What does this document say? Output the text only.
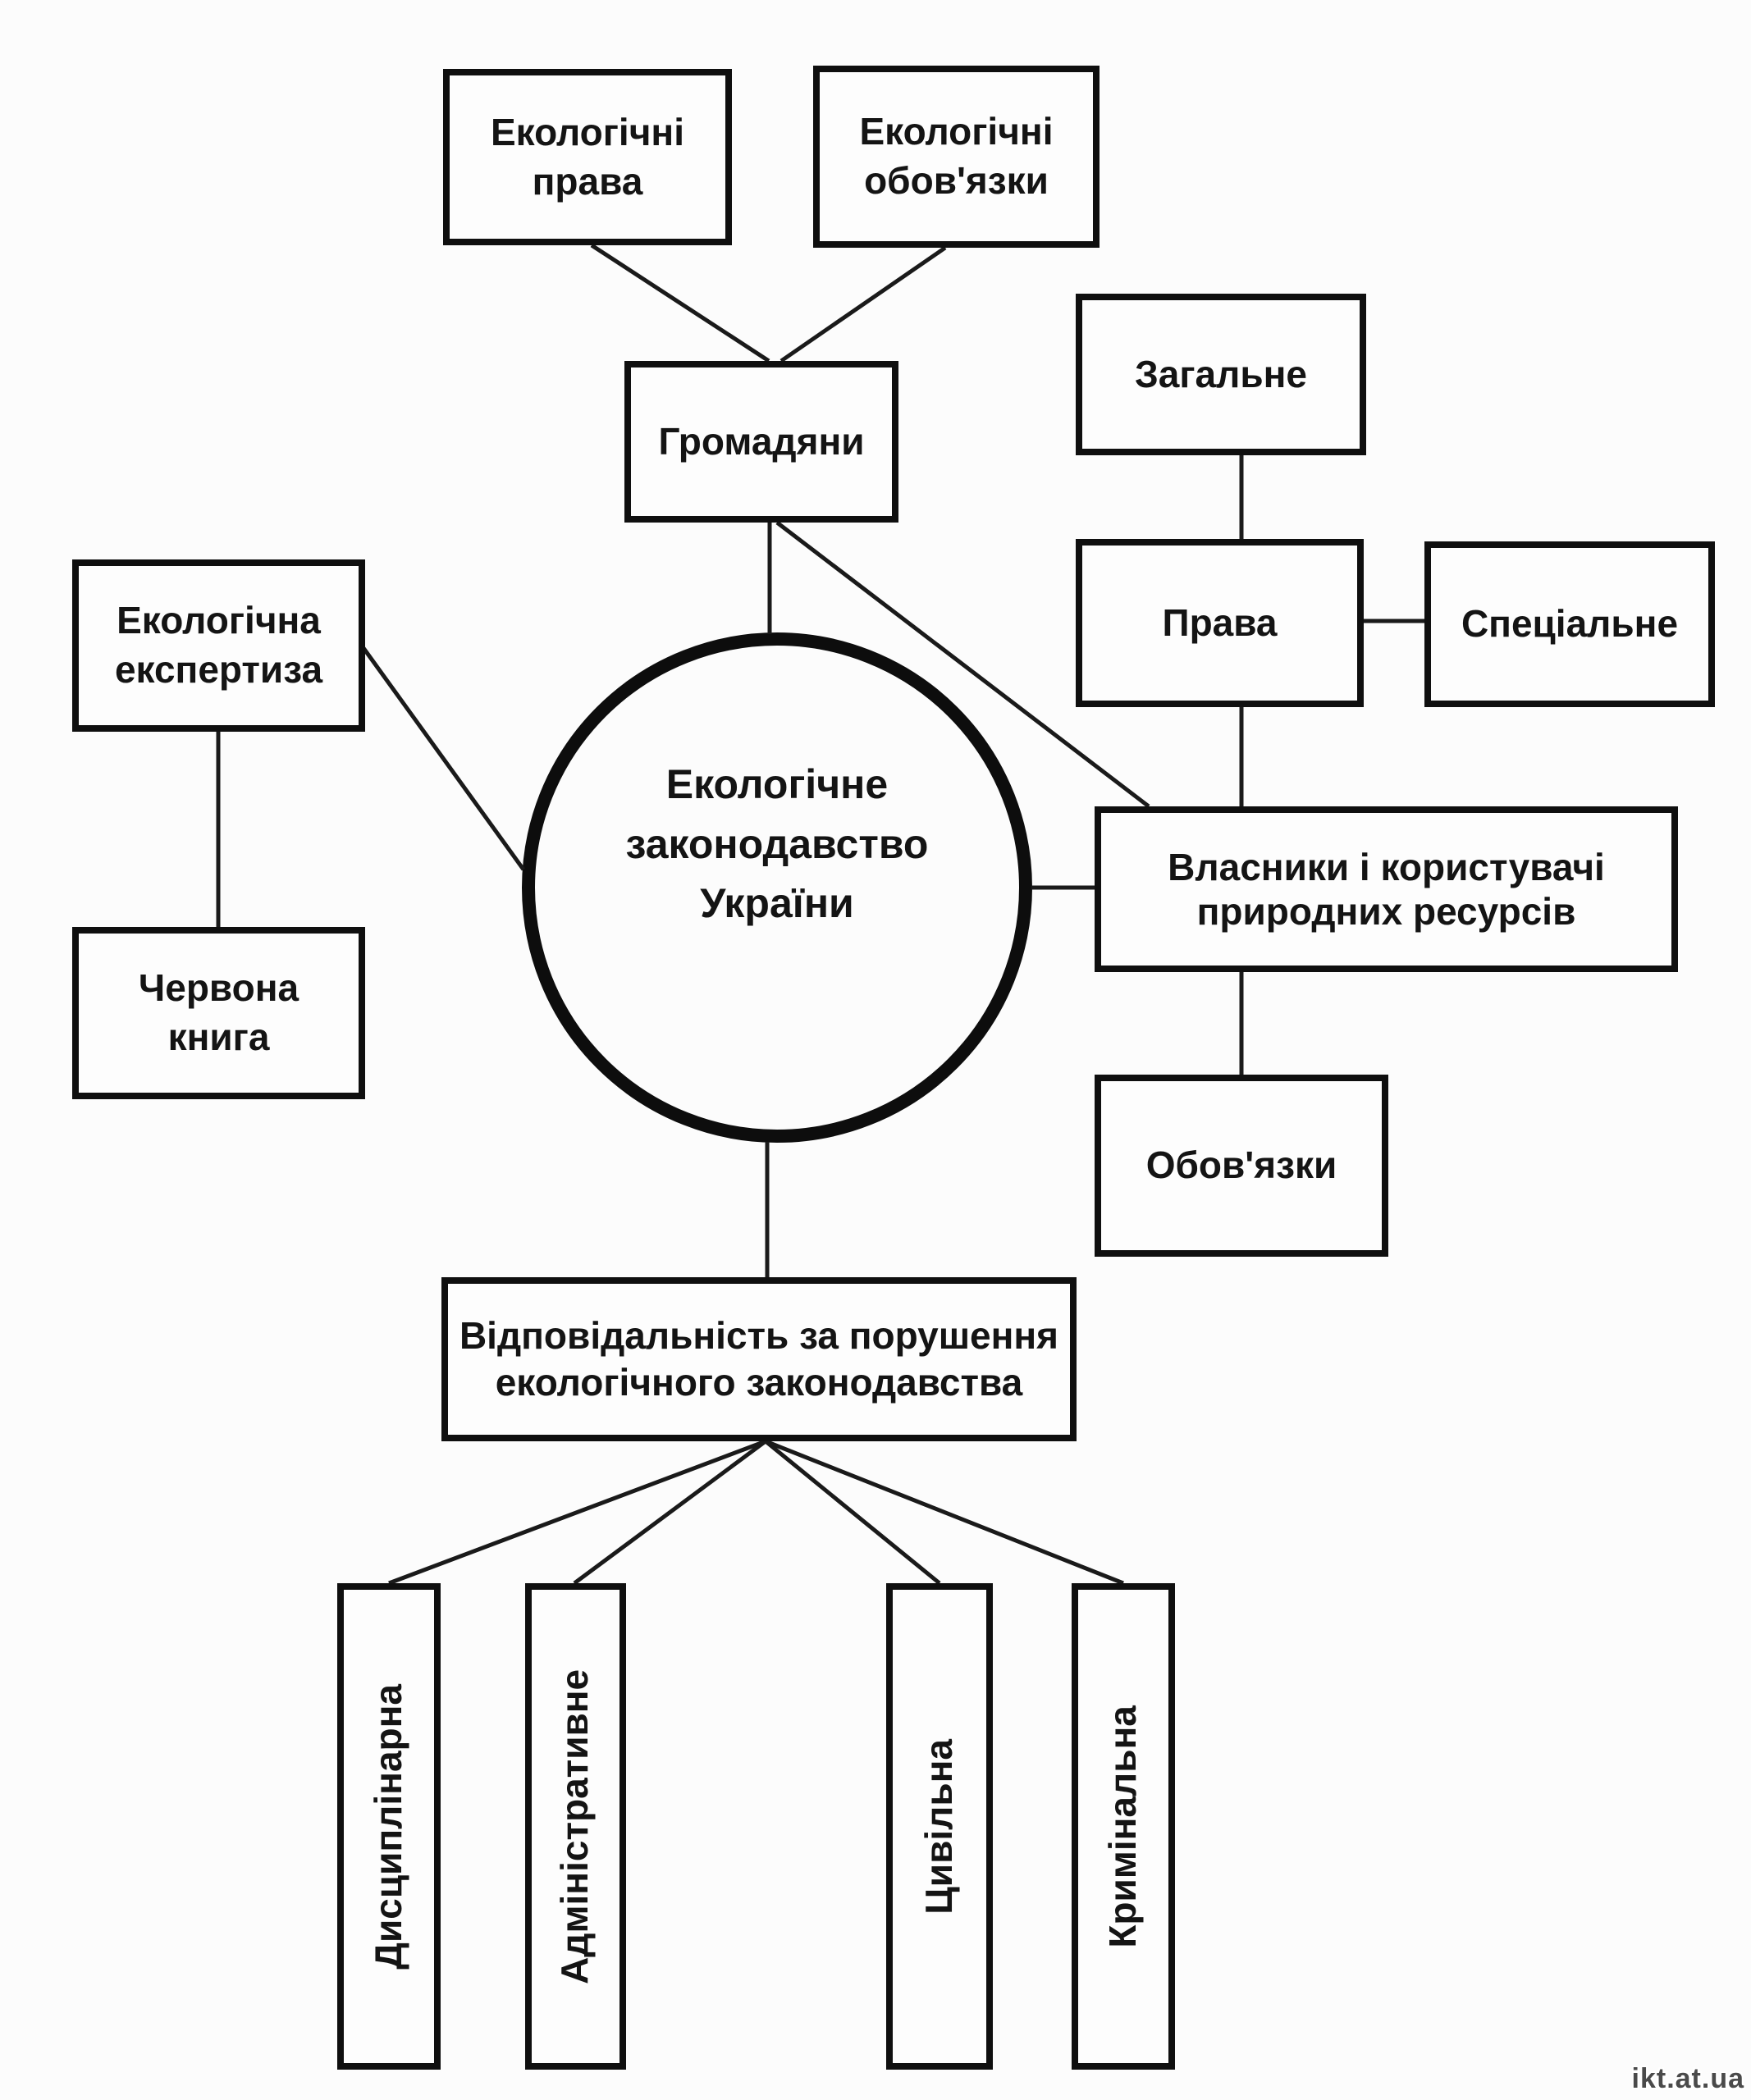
Екологічне законодавство України
Екологічні права
Екологічні обов'язки
Громадяни
Загальне
Права	Спеціальне
Екологічна експертиза
Червона книга
Власники і користувачі природних ресурсів
Обов'язки
Відповідальність за порушення екологічного законодавства
Дисциплінарна	Адміністративне	Цивільна	Кримінальна
ikt.at.ua
